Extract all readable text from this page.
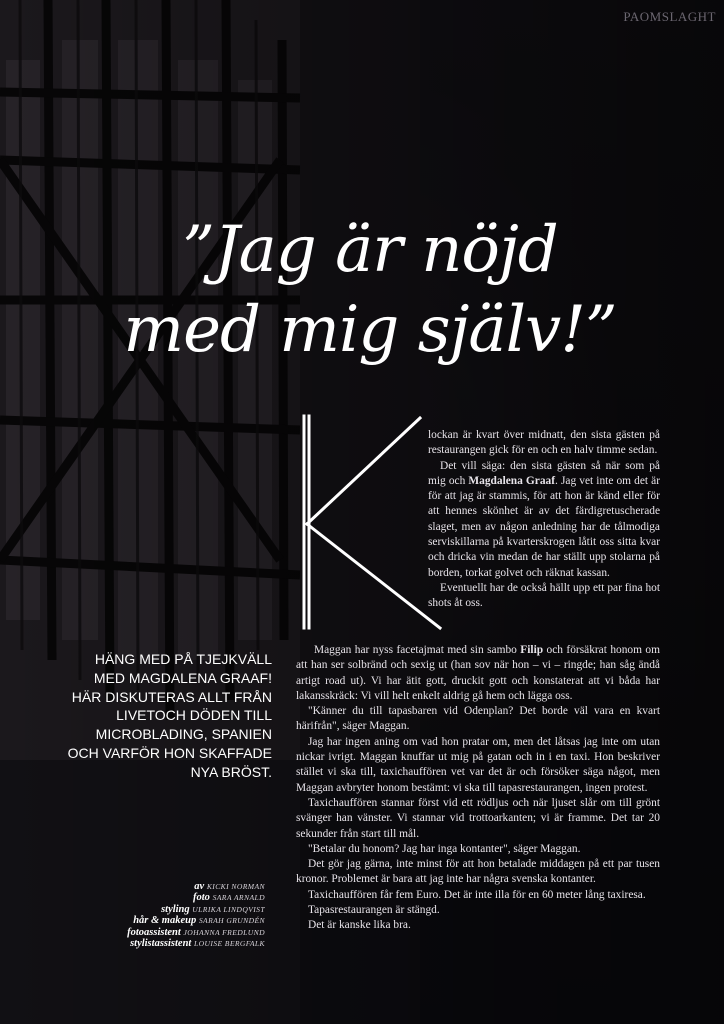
PAOMSLAGHT
”Jag är nöjd
med mig själv!”

lockan är kvart över midnatt, den sista gästen på restaurangen gick för en och en halv timme sedan.

Det vill säga: den sista gästen så när som på mig och Magdalena Graaf. Jag vet inte om det är för att jag är stammis, för att hon är känd eller för att hennes skönhet är av det färdigretuscherade slaget, men av någon anledning har de tålmodiga serviskillarna på kvarterskrogen låtit oss sitta kvar och dricka vin medan de har ställt upp stolarna på borden, torkat golvet och räknat kassan.

Eventuellt har de också hällt upp ett par fina hot shots åt oss.

Maggan har nyss facetajmat med sin sambo Filip och försäkrat honom om att han ser solbränd och sexig ut (han sov när hon – vi – ringde; han såg ändå artigt road ut). Vi har ätit gott, druckit gott och konstaterat att vi båda har lakansskräck: Vi vill helt enkelt aldrig gå hem och lägga oss.

"Känner du till tapasbaren vid Odenplan? Det borde väl vara en kvart härifrån", säger Maggan.

Jag har ingen aning om vad hon pratar om, men det låtsas jag inte om utan nickar ivrigt. Maggan knuffar ut mig på gatan och in i en taxi. Hon beskriver stället vi ska till, taxichauffören vet var det är och försöker säga något, men Maggan avbryter honom bestämt: vi ska till tapasrestaurangen, ingen protest.

Taxichauffören stannar först vid ett rödljus och när ljuset slår om till grönt svänger han vänster. Vi stannar vid trottoarkanten; vi är framme. Det tar 20 sekunder från start till mål.

"Betalar du honom? Jag har inga kontanter", säger Maggan.

Det gör jag gärna, inte minst för att hon betalade middagen på ett par tusen kronor. Problemet är bara att jag inte har några svenska kontanter.

Taxichauffören får fem Euro. Det är inte illa för en 60 meter lång taxiresa.

Tapasrestaurangen är stängd.

Det är kanske lika bra.

HÄNG MED PÅ TJEJKVÄLL MED MAGDALENA GRAAF! HÄR DISKUTERAS ALLT FRÅN LIVETOCH DÖDEN TILL MICROBLADING, SPANIEN OCH VARFÖR HON SKAFFADE NYA BRÖST.
av KICKI NORMAN
foto SARA ARNALD
styling ULRIKA LINDQVIST
hår & makeup SARAH GRUNDÉN
fotoassistent JOHANNA FREDLUND
stylistassistent LOUISE BERGFALK
